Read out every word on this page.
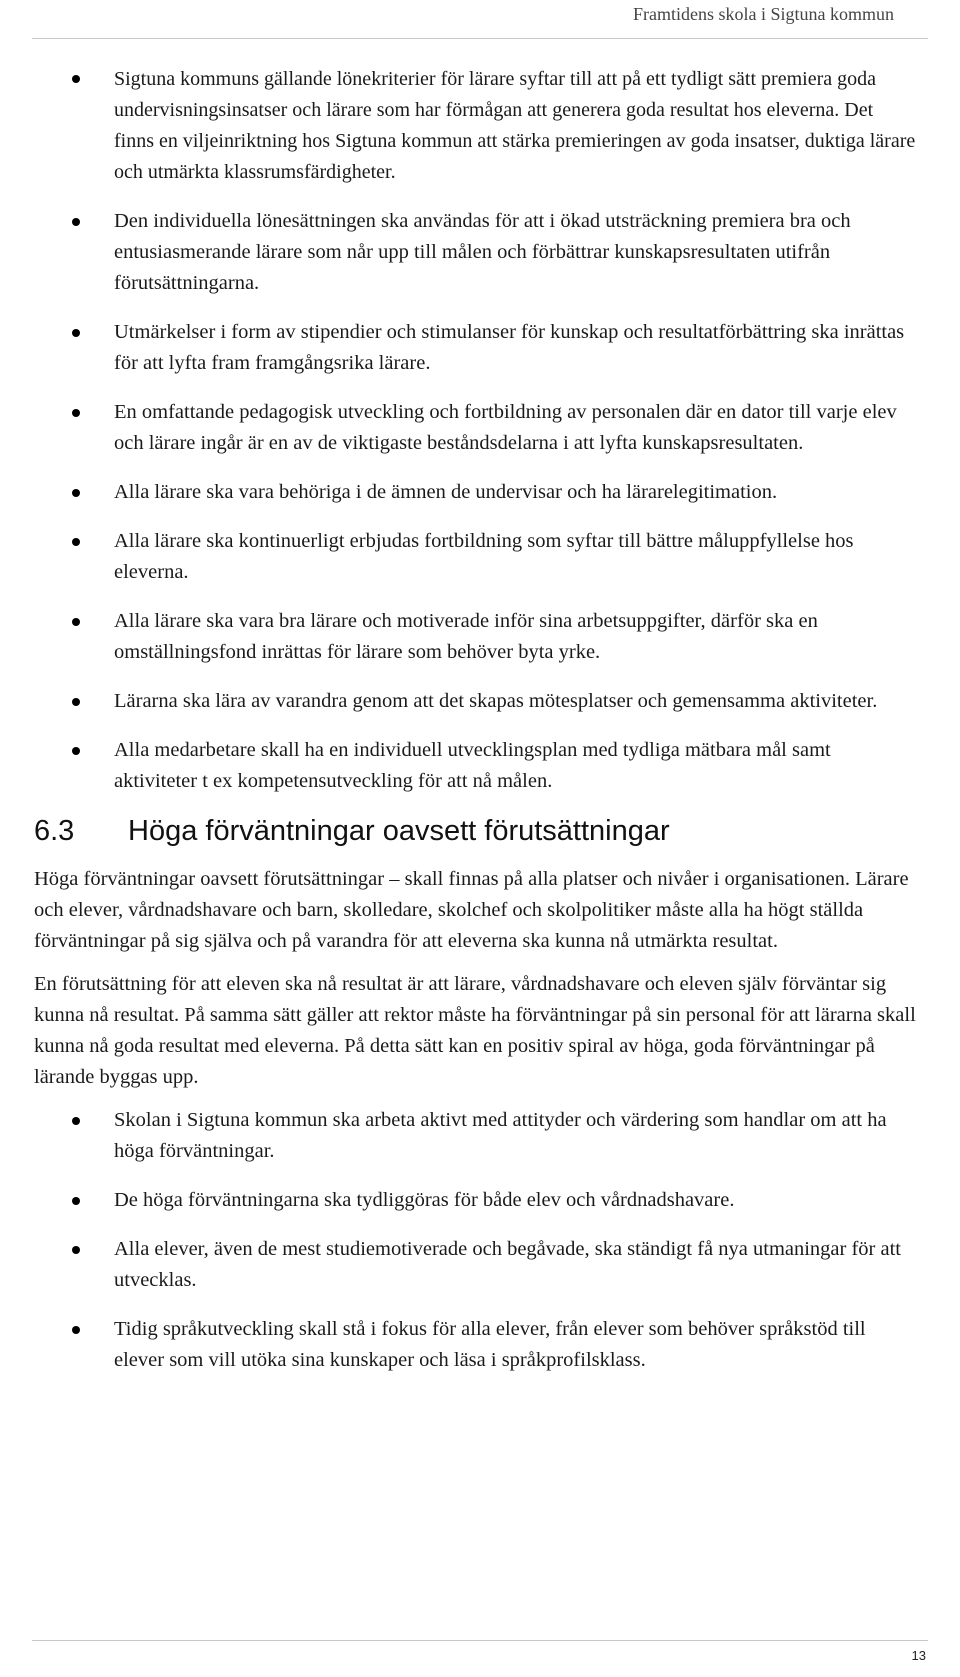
Framtidens skola i Sigtuna kommun
Sigtuna kommuns gällande lönekriterier för lärare syftar till att på ett tydligt sätt premiera goda undervisningsinsatser och lärare som har förmågan att generera goda resultat hos eleverna. Det finns en viljeinriktning hos Sigtuna kommun att stärka premieringen av goda insatser, duktiga lärare och utmärkta klassrumsfärdigheter.
Den individuella lönesättningen ska användas för att i ökad utsträckning premiera bra och entusiasmerande lärare som når upp till målen och förbättrar kunskapsresultaten utifrån förutsättningarna.
Utmärkelser i form av stipendier och stimulanser för kunskap och resultatförbättring ska inrättas för att lyfta fram framgångsrika lärare.
En omfattande pedagogisk utveckling och fortbildning av personalen där en dator till varje elev och lärare ingår är en av de viktigaste beståndsdelarna i att lyfta kunskapsresultaten.
Alla lärare ska vara behöriga i de ämnen de undervisar och ha lärarelegitimation.
Alla lärare ska kontinuerligt erbjudas fortbildning som syftar till bättre måluppfyllelse hos eleverna.
Alla lärare ska vara bra lärare och motiverade inför sina arbetsuppgifter, därför ska en omställningsfond inrättas för lärare som behöver byta yrke.
Lärarna ska lära av varandra genom att det skapas mötesplatser och gemensamma aktiviteter.
Alla medarbetare skall ha en individuell utvecklingsplan med tydliga mätbara mål samt aktiviteter t ex kompetensutveckling för att nå målen.
6.3	Höga förväntningar oavsett förutsättningar

Höga förväntningar oavsett förutsättningar – skall finnas på alla platser och nivåer i organisationen. Lärare och elever, vårdnadshavare och barn, skolledare, skolchef och skolpolitiker måste alla ha högt ställda förväntningar på sig själva och på varandra för att eleverna ska kunna nå utmärkta resultat.

En förutsättning för att eleven ska nå resultat är att lärare, vårdnadshavare och eleven själv förväntar sig kunna nå resultat. På samma sätt gäller att rektor måste ha förväntningar på sin personal för att lärarna skall kunna nå goda resultat med eleverna. På detta sätt kan en positiv spiral av höga, goda förväntningar på lärande byggas upp.

Skolan i Sigtuna kommun ska arbeta aktivt med attityder och värdering som handlar om att ha höga förväntningar.
De höga förväntningarna ska tydliggöras för både elev och vårdnadshavare.
Alla elever, även de mest studiemotiverade och begåvade, ska ständigt få nya utmaningar för att utvecklas.
Tidig språkutveckling skall stå i fokus för alla elever, från elever som behöver språkstöd till elever som vill utöka sina kunskaper och läsa i språkprofilsklass.
13
